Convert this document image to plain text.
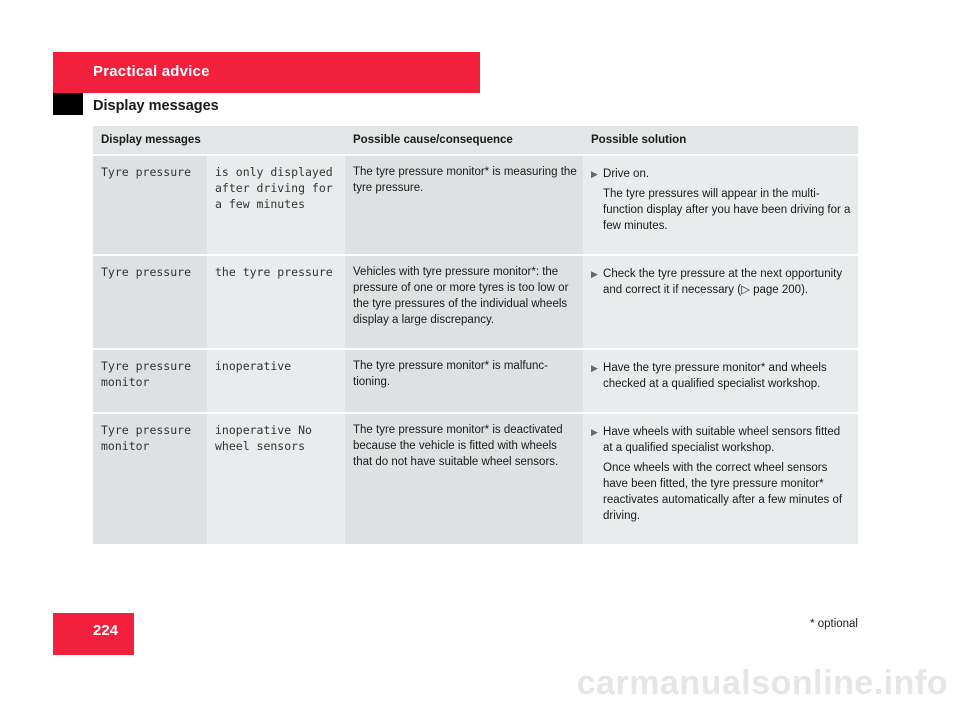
Practical advice
Display messages
Display messages		Possible cause/consequence	Possible solution
Tyre pressure	is only displayed after driving for a few minutes	The tyre pressure monitor* is measuring the tyre pressure.	▶ Drive on.
The tyre pressures will appear in the multi-function display after you have been driving for a few minutes.

Tyre pressure	the tyre pressure	Vehicles with tyre pressure monitor*: the pressure of one or more tyres is too low or the tyre pressures of the individual wheels display a large discrepancy.	▶ Check the tyre pressure at the next opportunity and correct it if necessary (▷ page 200).

Tyre pressure monitor	inoperative	The tyre pressure monitor* is malfunc-tioning.	▶ Have the tyre pressure monitor* and wheels checked at a qualified specialist workshop.

Tyre pressure monitor	inoperative No wheel sensors	The tyre pressure monitor* is deactivated because the vehicle is fitted with wheels that do not have suitable wheel sensors.	▶ Have wheels with suitable wheel sensors fitted at a qualified specialist workshop.
Once wheels with the correct wheel sensors have been fitted, the tyre pressure monitor* reactivates automatically after a few minutes of driving.
224	* optional
carmanualsonline.info
